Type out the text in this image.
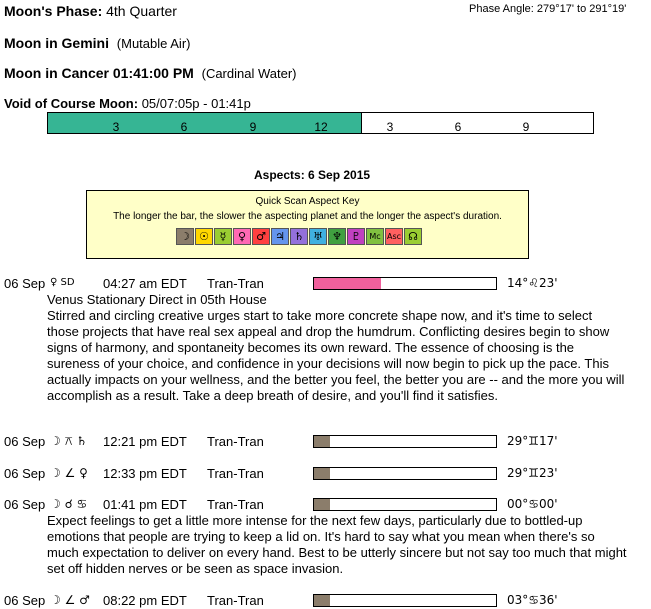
Moon's Phase: 4th Quarter	Phase Angle: 279°17' to 291°19'
Moon in Gemini (Mutable Air)
Moon in Cancer 01:41:00 PM (Cardinal Water)
Void of Course Moon: 05/07:05p - 01:41p
3	6	9	12	3	6	9
Aspects: 6 Sep 2015
Quick Scan Aspect Key
The longer the bar, the slower the aspecting planet and the longer the aspect's duration.
☽ ☉ ☿	♀ ♂ ♃ ♄ ♅ ♆ ♇	Mc Asc ☊
06 Sep ♀ SD 04:27 am EDT Tran-Tran	14°♌23'
Venus Stationary Direct in 05th House
Stirred and circling creative urges start to take more concrete shape now, and it's time to select those projects that have real sex appeal and drop the humdrum. Conflicting desires begin to show signs of harmony, and spontaneity becomes its own reward. The essence of choosing is the sureness of your choice, and confidence in your decisions will now begin to pick up the pace. This actually impacts on your wellness, and the better you feel, the better you are -- and the more you will accomplish as a result. Take a deep breath of desire, and you'll find it satisfies.
06 Sep ☽ ⚻ ♄ 12:21 pm EDT Tran-Tran	29°♊17'
06 Sep ☽ ∠ ♀ 12:33 pm EDT Tran-Tran	29°♊23'
06 Sep ☽ ☌ ♋ 01:41 pm EDT Tran-Tran	00°♋00'
Expect feelings to get a little more intense for the next few days, particularly due to bottled-up emotions that people are trying to keep a lid on. It's hard to say what you mean when there's so much expectation to deliver on every hand. Best to be utterly sincere but not say too much that might set off hidden nerves or be seen as space invasion.
06 Sep ☽ ∠ ♂ 08:22 pm EDT Tran-Tran	03°♋36'
